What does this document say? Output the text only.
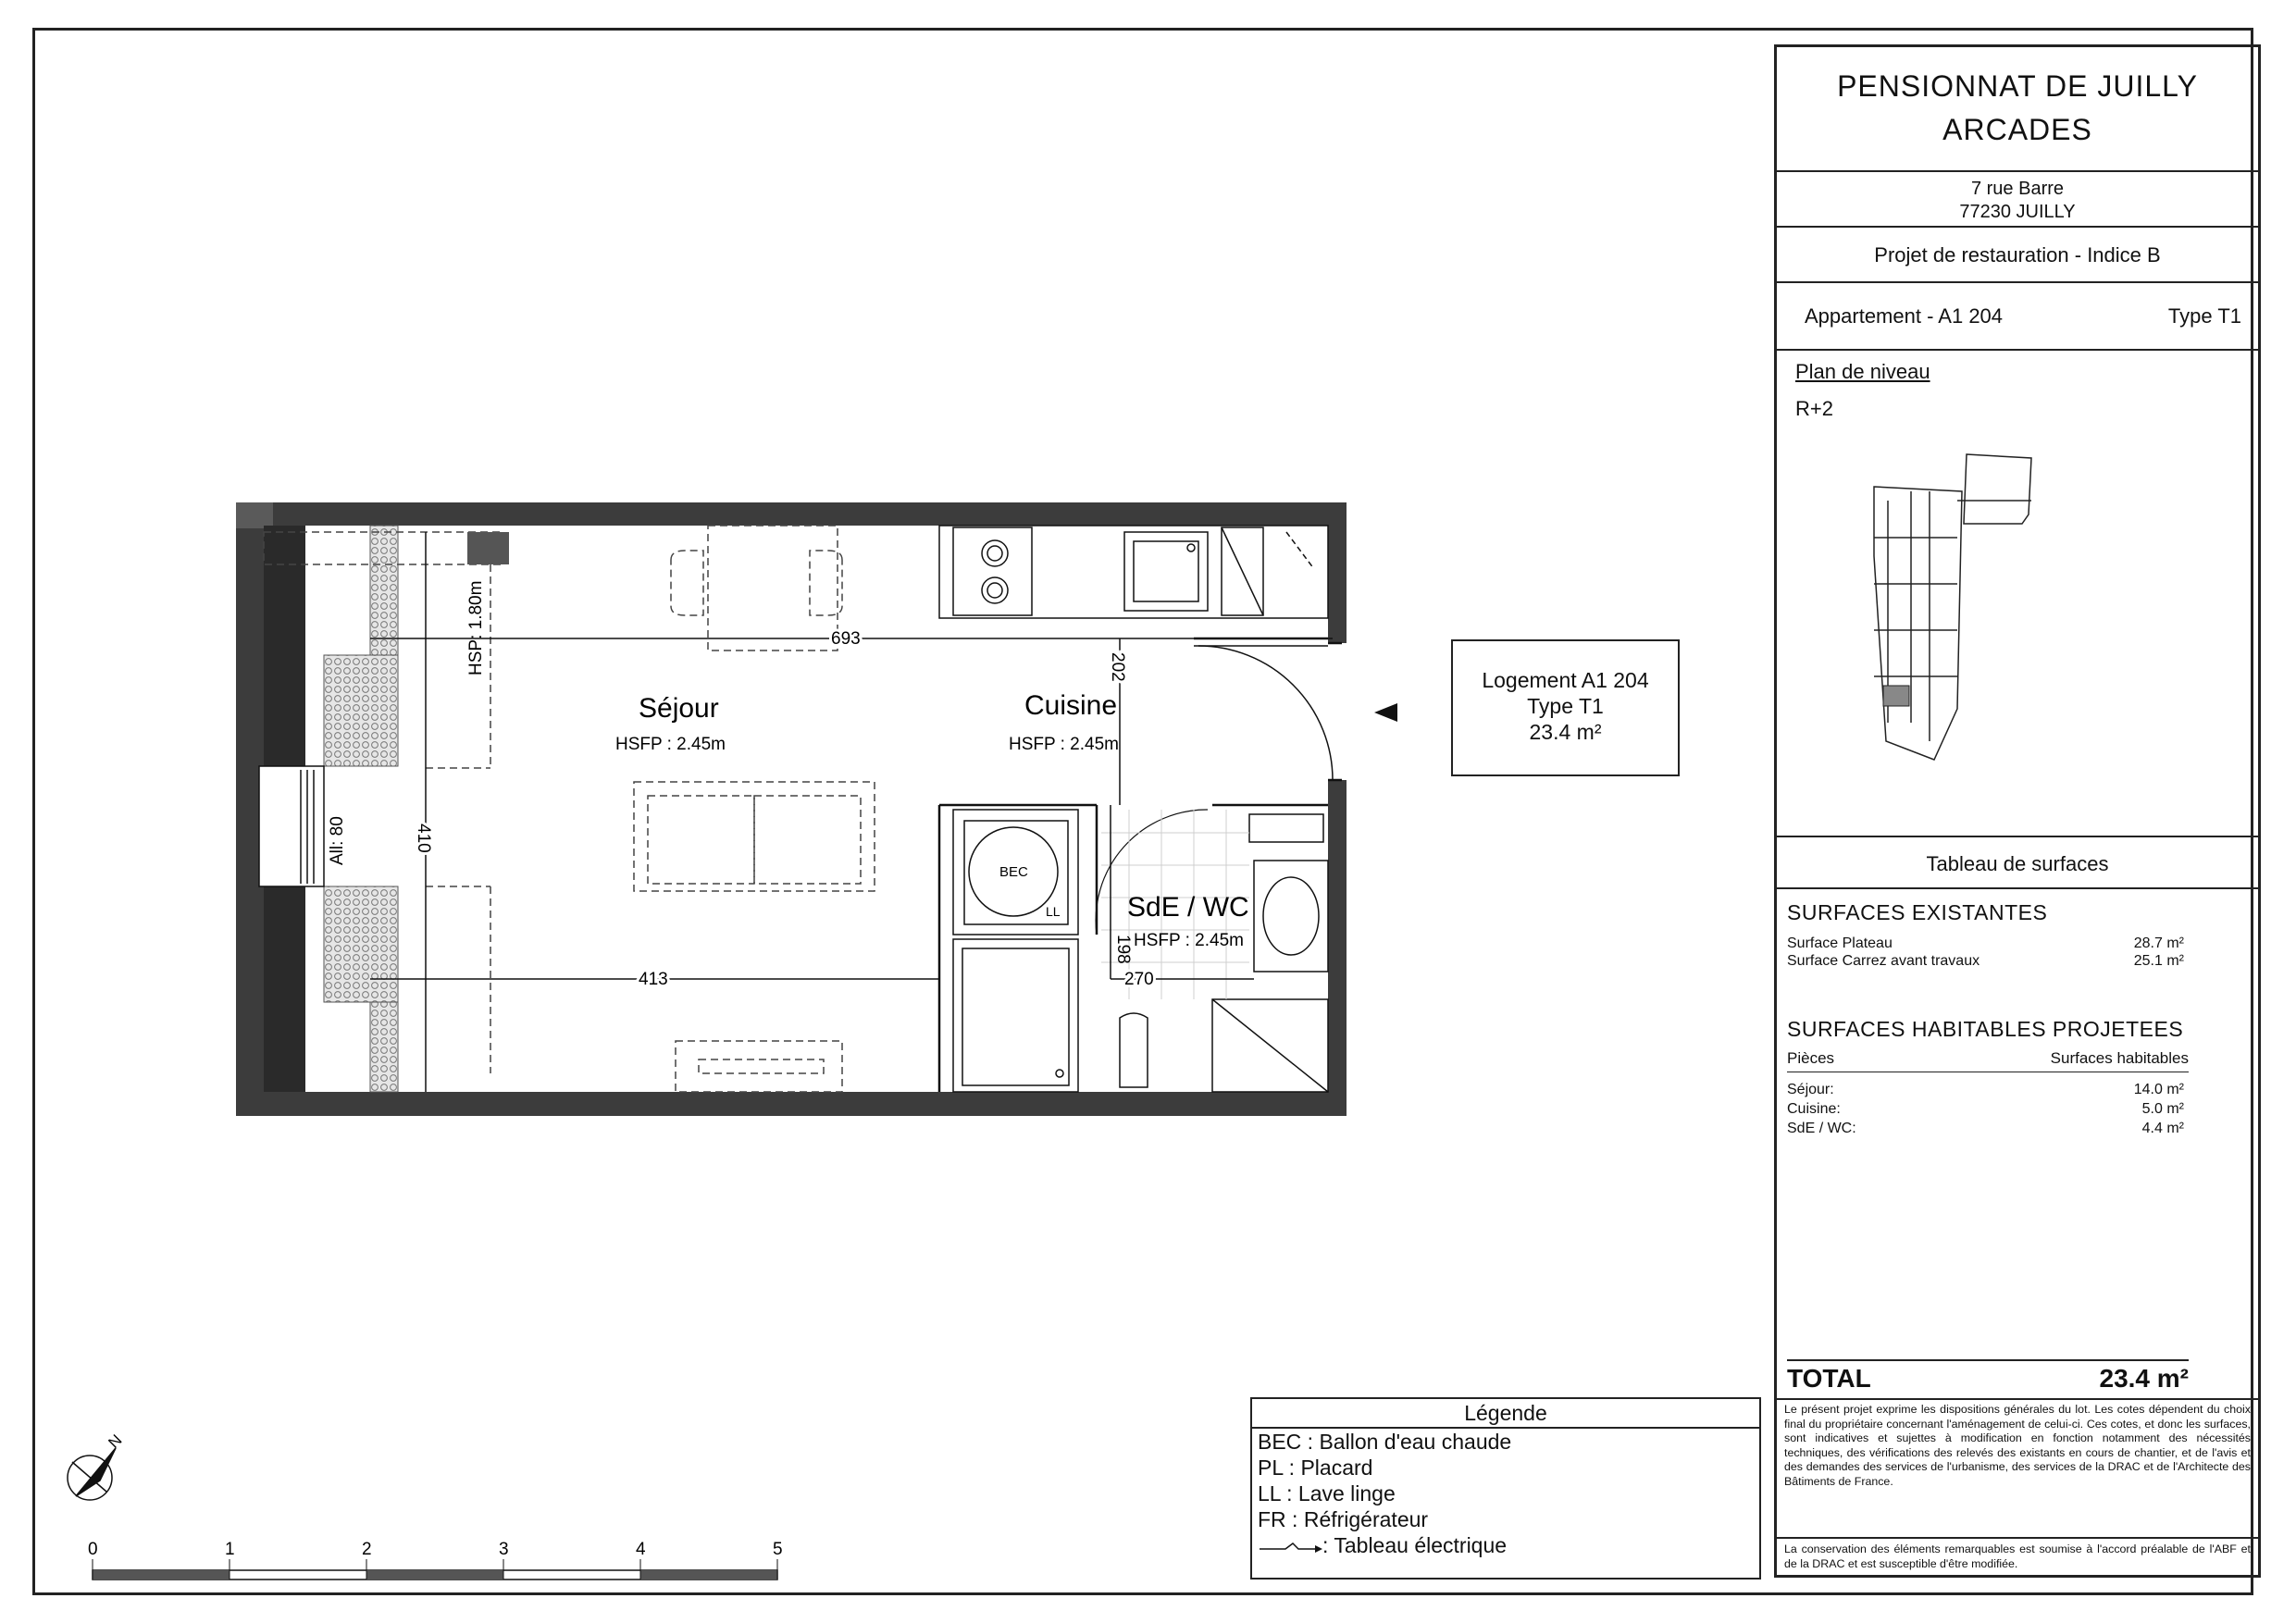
Séjour
HSFP : 2.45m
Cuisine
HSFP : 2.45m
SdE / WC
HSFP : 2.45m
HSP: 1.80m
All: 80
693
413	270
410
202
198
BEC
LL
N
0	1	2	3	4	5
Logement A1 204
Type T1
23.4 m²
Légende
BEC : Ballon d'eau chaude
PL : Placard
LL : Lave linge
FR : Réfrigérateur
: Tableau électrique
PENSIONNAT DE JUILLY
ARCADES
7 rue Barre
77230 JUILLY
Projet de restauration - Indice B
Appartement - A1 204	Type T1
Plan de niveau
R+2
Tableau de surfaces
SURFACES EXISTANTES
Surface Plateau	28.7 m²
Surface Carrez avant travaux	25.1 m²
SURFACES HABITABLES PROJETEES
Pièces	Surfaces habitables
Séjour:	14.0 m²
Cuisine:	5.0 m²
SdE / WC:	4.4 m²
TOTAL	23.4 m²
Le présent projet exprime les dispositions générales du lot. Les cotes dépendent du choix final du propriétaire concernant l'aménagement de celui-ci. Ces cotes, et donc les surfaces, sont indicatives et sujettes à modification en fonction notamment des nécessités techniques, des vérifications des relevés des existants en cours de chantier, et de l'avis et des demandes des services de l'urbanisme, des services de la DRAC et de l'Architecte des Bâtiments de France.
La conservation des éléments remarquables est soumise à l'accord préalable de l'ABF et de la DRAC et est susceptible d'être modifiée.
